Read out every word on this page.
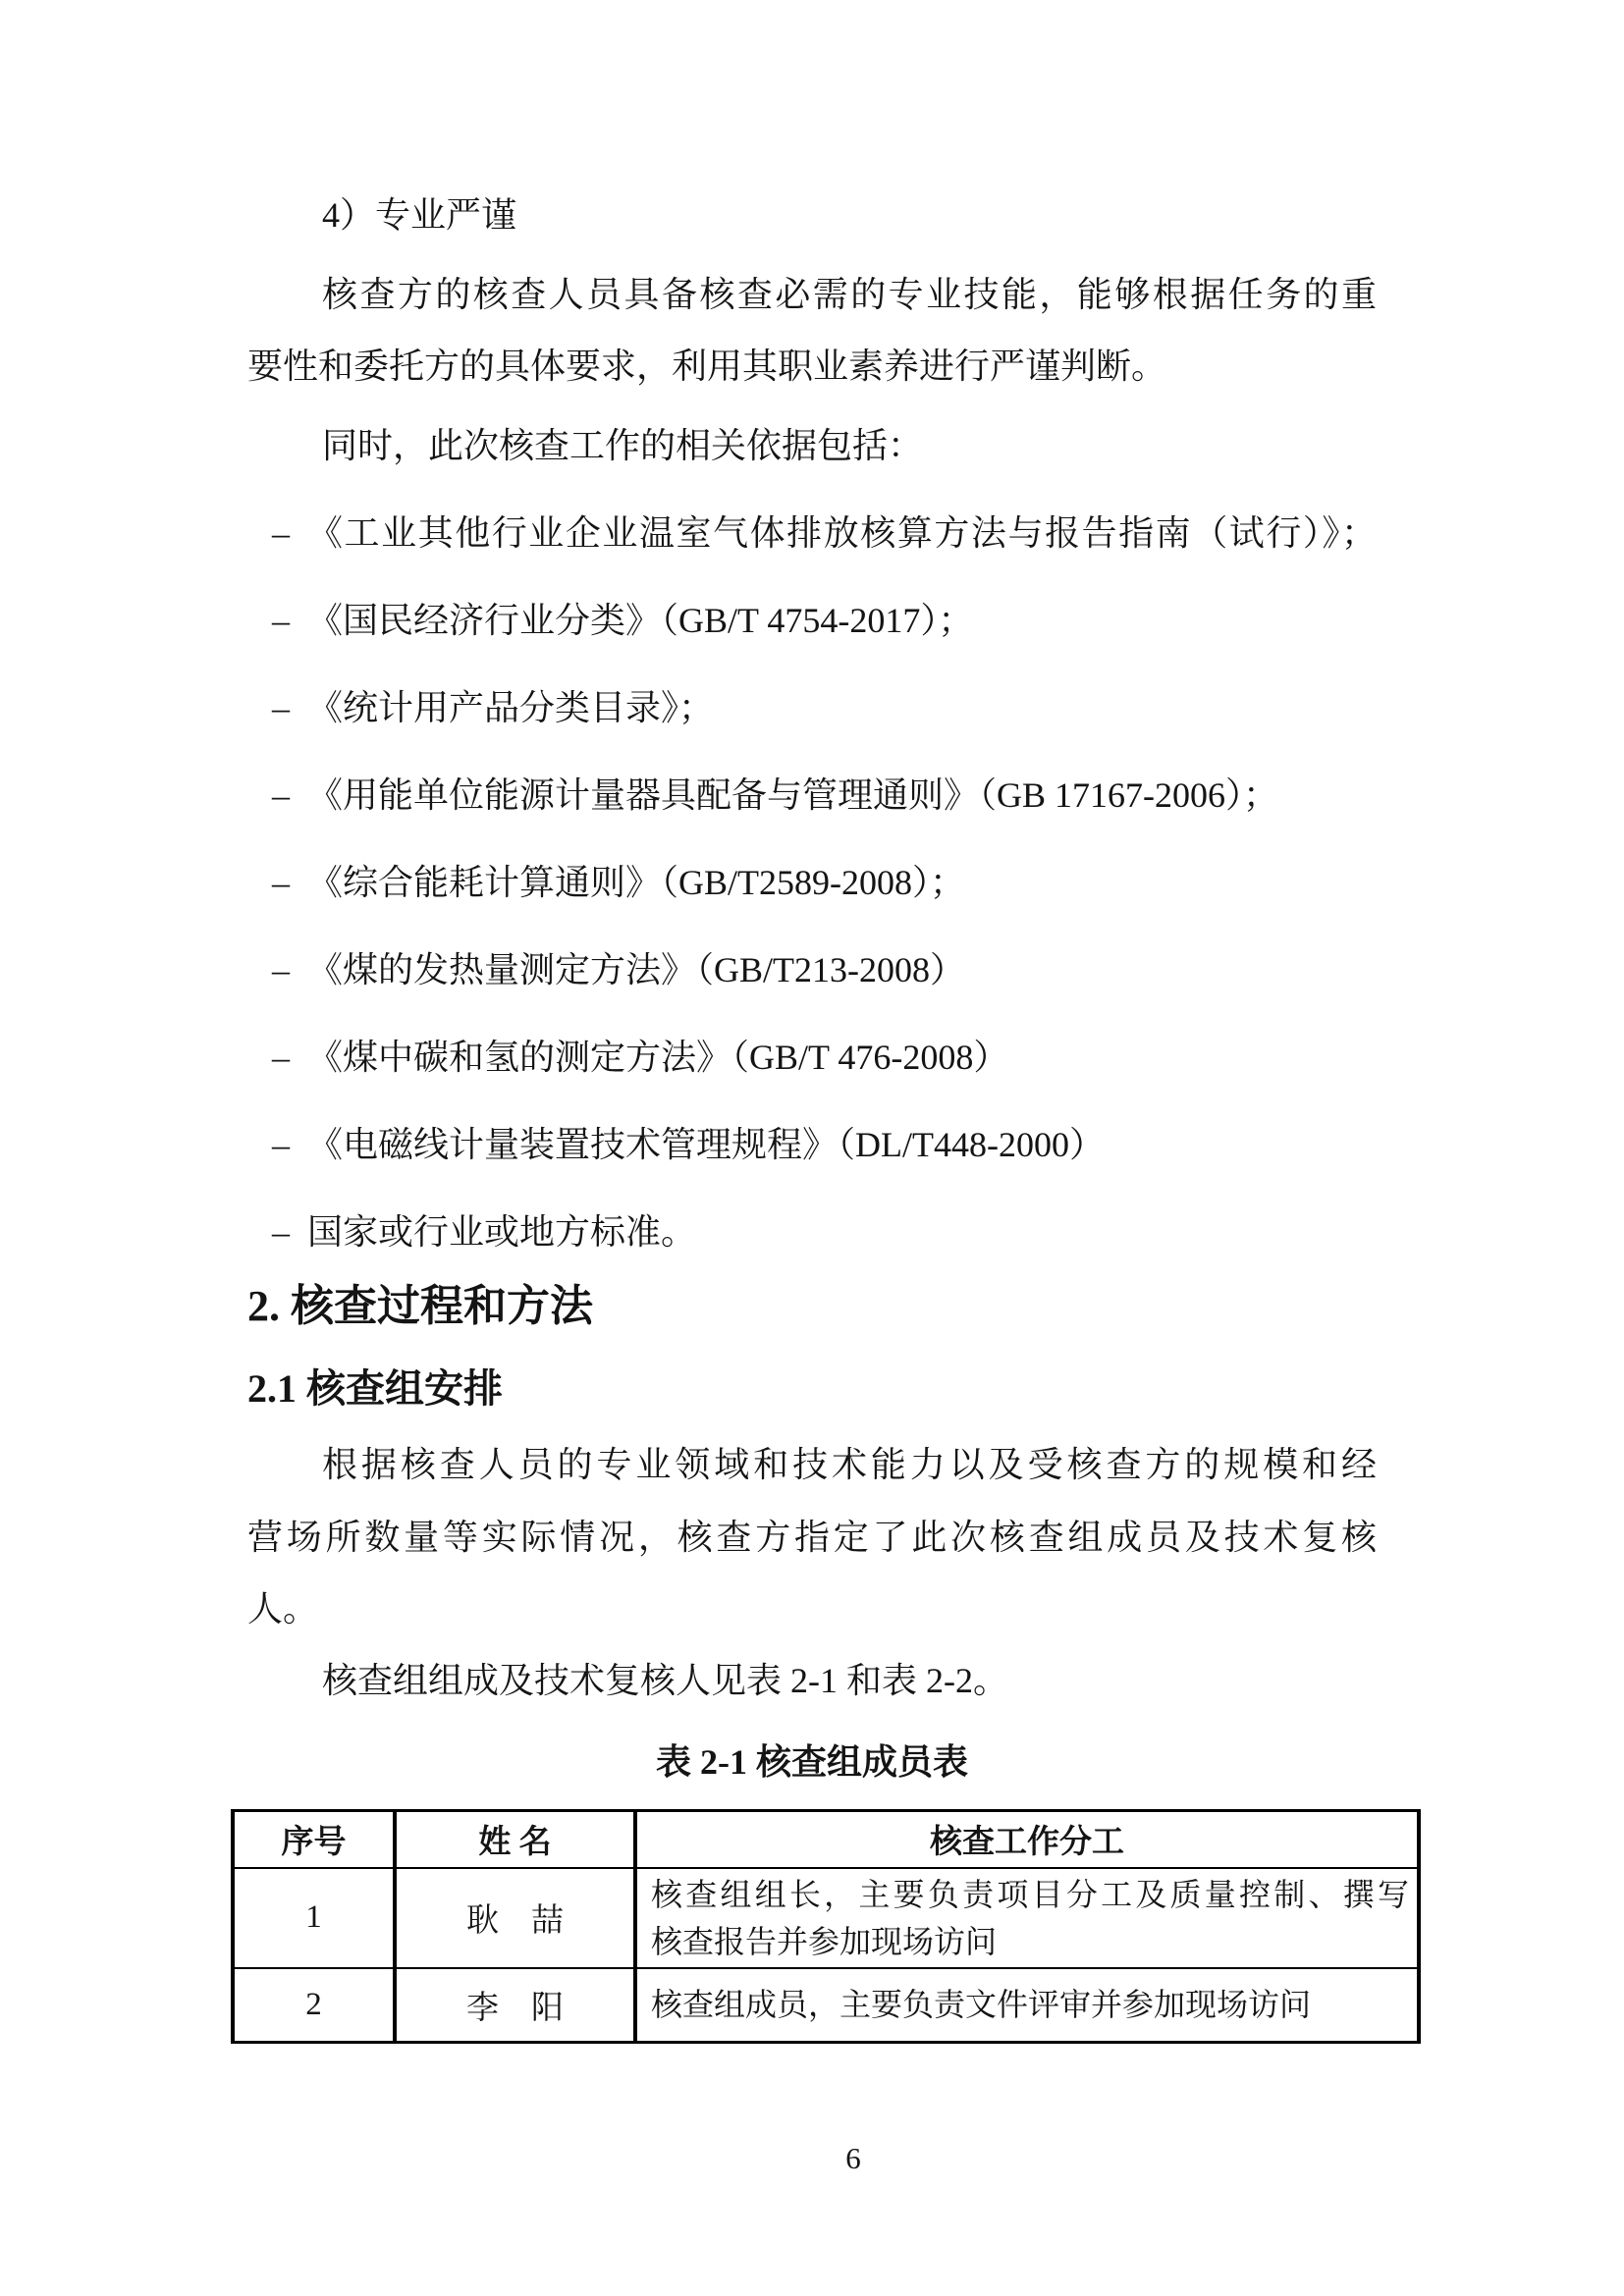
4）专业严谨
核查方的核查人员具备核查必需的专业技能，能够根据任务的重
要性和委托方的具体要求，利用其职业素养进行严谨判断。
同时，此次核查工作的相关依据包括：
– 《工业其他行业企业温室气体排放核算方法与报告指南（试行）》；
– 《国民经济行业分类》（GB/T 4754-2017）；
– 《统计用产品分类目录》；
– 《用能单位能源计量器具配备与管理通则》（GB 17167-2006）；
– 《综合能耗计算通则》（GB/T2589-2008）；
– 《煤的发热量测定方法》（GB/T213-2008）
– 《煤中碳和氢的测定方法》（GB/T 476-2008）
– 《电磁线计量装置技术管理规程》（DL/T448-2000）
– 国家或行业或地方标准。
2. 核查过程和方法
2.1 核查组安排
根据核查人员的专业领域和技术能力以及受核查方的规模和经
营场所数量等实际情况，核查方指定了此次核查组成员及技术复核
人。
核查组组成及技术复核人见表 2-1 和表 2-2。
表 2-1 核查组成员表
序号	姓 名	核查工作分工
1	耿　喆	核查组组长，主要负责项目分工及质量控制、撰写
核查报告并参加现场访问

2	李　阳	核查组成员，主要负责文件评审并参加现场访问
6
